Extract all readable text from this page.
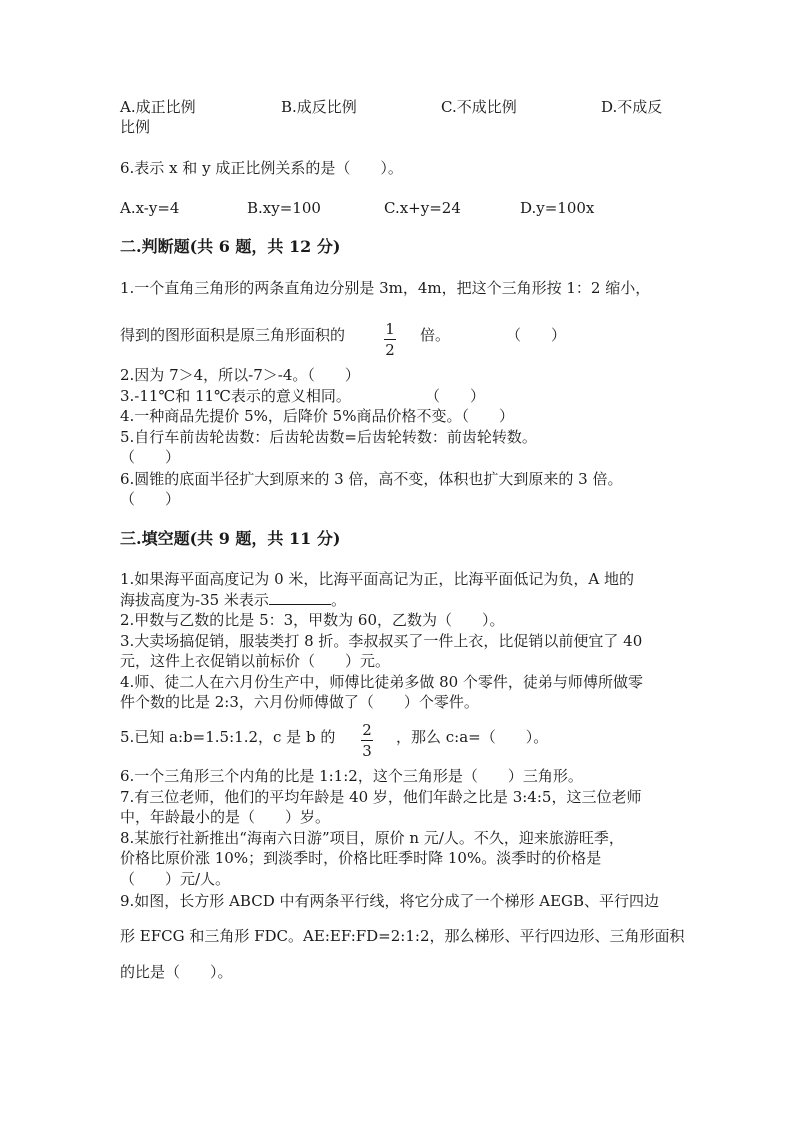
A.成正比例	B.成反比例	C.不成比例	D.不成反
比例
6.表示 x 和 y 成正比例关系的是（　　）。
A.x-y=4	B.xy=100	C.x+y=24	D.y=100x
二.判断题(共 6 题，共 12 分)
1.一个直角三角形的两条直角边分别是 3m，4m，把这个三角形按 1：2 缩小，
得到的图形面积是原三角形面积的	1
2
倍。	（　　）
2.因为 7＞4，所以-7＞-4。（　　）
3.-11℃和 11℃表示的意义相同。	（　　）
4.一种商品先提价 5%，后降价 5%商品价格不变。（　　）
5.自行车前齿轮齿数：后齿轮齿数=后齿轮转数：前齿轮转数。
（　　）
6.圆锥的底面半径扩大到原来的 3 倍，高不变，体积也扩大到原来的 3 倍。
（　　）
三.填空题(共 9 题，共 11 分)
1.如果海平面高度记为 0 米，比海平面高记为正，比海平面低记为负，A 地的
海拔高度为-35 米表示	。
2.甲数与乙数的比是 5：3，甲数为 60，乙数为（　　）。
3.大卖场搞促销，服装类打 8 折。李叔叔买了一件上衣，比促销以前便宜了 40
元，这件上衣促销以前标价（　　）元。
4.师、徒二人在六月份生产中，师傅比徒弟多做 80 个零件，徒弟与师傅所做零
件个数的比是 2:3，六月份师傅做了（　　）个零件。
5.已知 a:b=1.5:1.2，c 是 b 的 2
3
，那么 c:a=（　　）。
6.一个三角形三个内角的比是 1:1:2，这个三角形是（　　）三角形。
7.有三位老师，他们的平均年龄是 40 岁，他们年龄之比是 3:4:5，这三位老师
中，年龄最小的是（　　）岁。
8.某旅行社新推出“海南六日游”项目，原价 n 元/人。不久，迎来旅游旺季，
价格比原价涨 10%；到淡季时，价格比旺季时降 10%。淡季时的价格是
（　　）元/人。
9.如图，长方形 ABCD 中有两条平行线，将它分成了一个梯形 AEGB、平行四边
形 EFCG 和三角形 FDC。AE:EF:FD=2:1:2，那么梯形、平行四边形、三角形面积
的比是（　　）。
